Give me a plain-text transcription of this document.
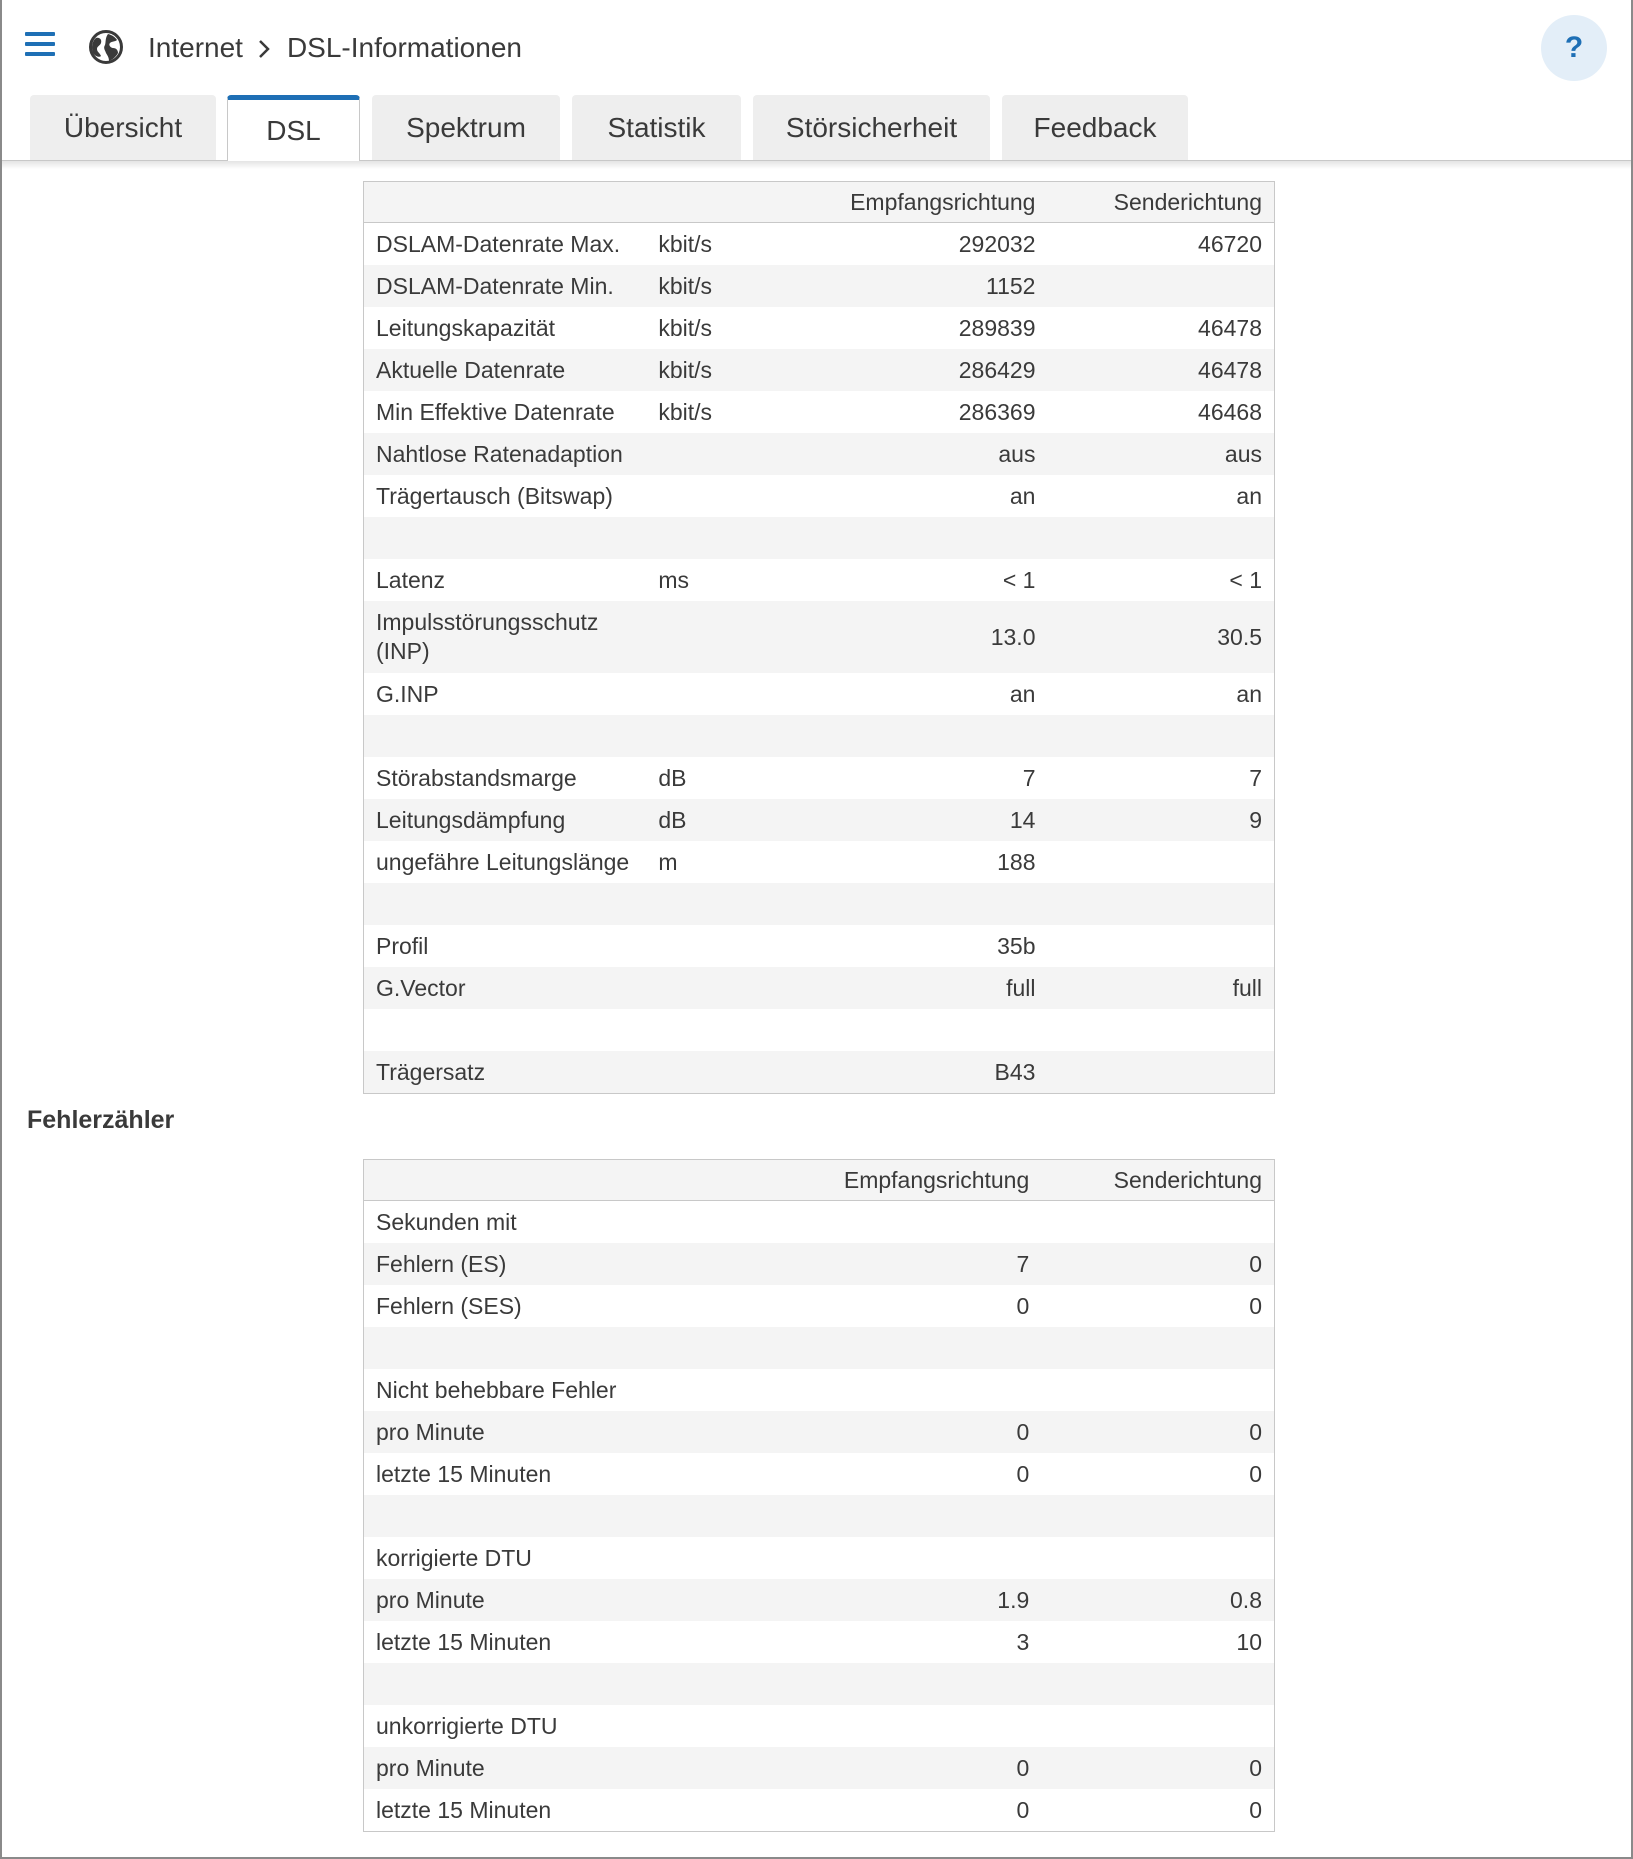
Internet DSL-Informationen	?
Übersicht	DSL	Spektrum	Statistik	Störsicherheit	Feedback
		Empfangsrichtung	Senderichtung
DSLAM-Datenrate Max.	kbit/s	292032	46720
DSLAM-Datenrate Min.	kbit/s	1152	
Leitungskapazität	kbit/s	289839	46478
Aktuelle Datenrate	kbit/s	286429	46478
Min Effektive Datenrate	kbit/s	286369	46468
Nahtlose Ratenadaption		aus	aus
Trägertausch (Bitswap)		an	an

Latenz	ms	< 1	< 1
Impulsstörungsschutz (INP)		13.0	30.5
G.INP		an	an

Störabstandsmarge	dB	7	7
Leitungsdämpfung	dB	14	9
ungefähre Leitungslänge	m	188	

Profil		35b	
G.Vector		full	full

Trägersatz		B43	
Fehlerzähler
		Empfangsrichtung	Senderichtung
Sekunden mit			
Fehlern (ES)		7	0
Fehlern (SES)		0	0

Nicht behebbare Fehler			
pro Minute		0	0
letzte 15 Minuten		0	0

korrigierte DTU			
pro Minute		1.9	0.8
letzte 15 Minuten		3	10

unkorrigierte DTU			
pro Minute		0	0
letzte 15 Minuten		0	0
